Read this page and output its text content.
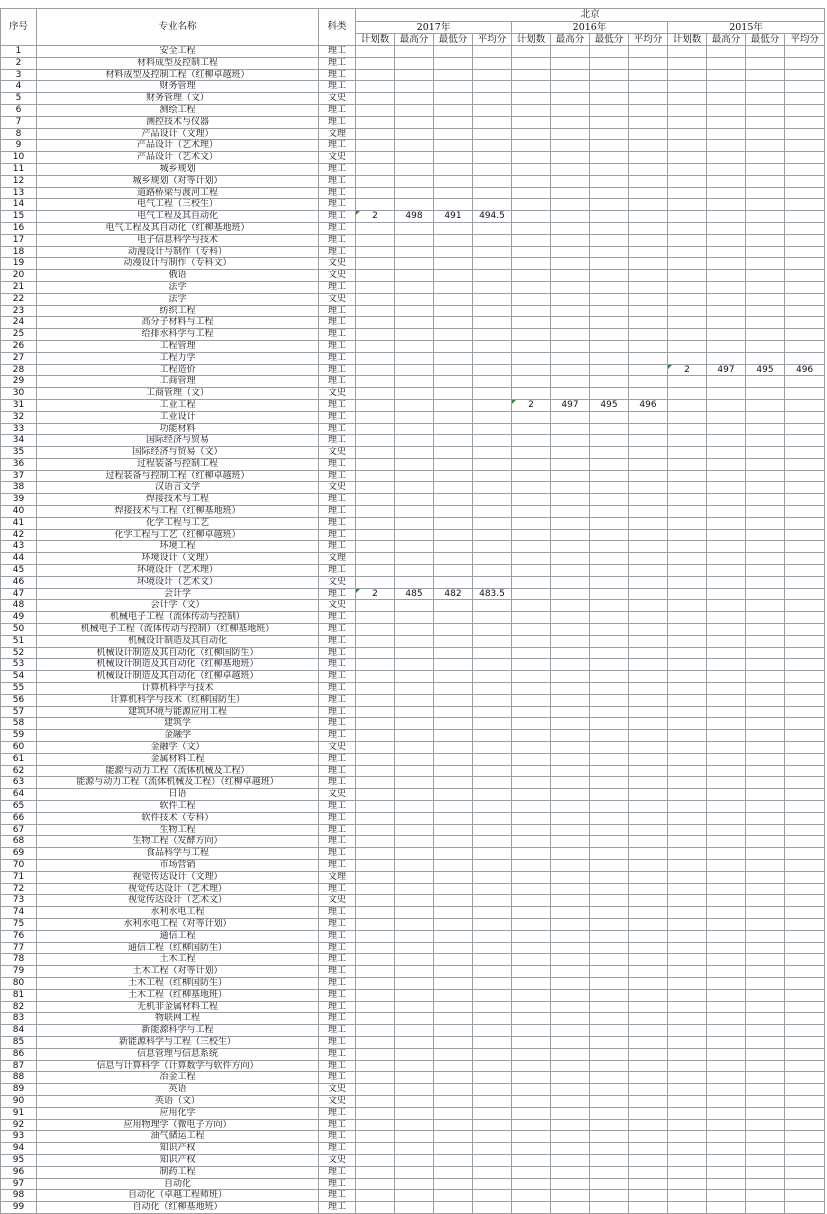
序号	专业名称	科类	北京											
			2017年				2016年				2015年			
			计划数	最高分	最低分	平均分	计划数	最高分	最低分	平均分	计划数	最高分	最低分	平均分
1	安全工程	理工												
2	材料成型及控制工程	理工												
3	材料成型及控制工程（红柳卓越班）	理工												
4	财务管理	理工												
5	财务管理（文）	文史												
6	测绘工程	理工												
7	测控技术与仪器	理工												
8	产品设计（文理）	文理												
9	产品设计（艺术理）	理工												
10	产品设计（艺术文）	文史												
11	城乡规划	理工												
12	城乡规划（对等计划）	理工												
13	道路桥梁与渡河工程	理工												
14	电气工程（三校生）	理工												
15	电气工程及其自动化	理工	2	498	491	494.5								
16	电气工程及其自动化（红柳基地班）	理工												
17	电子信息科学与技术	理工												
18	动漫设计与制作（专科）	理工												
19	动漫设计与制作（专科文）	文史												
20	俄语	文史												
21	法学	理工												
22	法学	文史												
23	纺织工程	理工												
24	高分子材料与工程	理工												
25	给排水科学与工程	理工												
26	工程管理	理工												
27	工程力学	理工												
28	工程造价	理工									2	497	495	496
29	工商管理	理工												
30	工商管理（文）	文史												
31	工业工程	理工					2	497	495	496				
32	工业设计	理工												
33	功能材料	理工												
34	国际经济与贸易	理工												
35	国际经济与贸易（文）	文史												
36	过程装备与控制工程	理工												
37	过程装备与控制工程（红柳卓越班）	理工												
38	汉语言文学	文史												
39	焊接技术与工程	理工												
40	焊接技术与工程（红柳基地班）	理工												
41	化学工程与工艺	理工												
42	化学工程与工艺（红柳卓越班）	理工												
43	环境工程	理工												
44	环境设计（文理）	文理												
45	环境设计（艺术理）	理工												
46	环境设计（艺术文）	文史												
47	会计学	理工	2	485	482	483.5								
48	会计学（文）	文史												
49	机械电子工程（流体传动与控制）	理工												
50	机械电子工程（流体传动与控制）（红柳基地班）	理工												
51	机械设计制造及其自动化	理工												
52	机械设计制造及其自动化（红柳国防生）	理工												
53	机械设计制造及其自动化（红柳基地班）	理工												
54	机械设计制造及其自动化（红柳卓越班）	理工												
55	计算机科学与技术	理工												
56	计算机科学与技术（红柳国防生）	理工												
57	建筑环境与能源应用工程	理工												
58	建筑学	理工												
59	金融学	理工												
60	金融学（文）	文史												
61	金属材料工程	理工												
62	能源与动力工程（流体机械及工程）	理工												
63	能源与动力工程（流体机械及工程）（红柳卓越班）	理工												
64	日语	文史												
65	软件工程	理工												
66	软件技术（专科）	理工												
67	生物工程	理工												
68	生物工程（发酵方向）	理工												
69	食品科学与工程	理工												
70	市场营销	理工												
71	视觉传达设计（文理）	文理												
72	视觉传达设计（艺术理）	理工												
73	视觉传达设计（艺术文）	文史												
74	水利水电工程	理工												
75	水利水电工程（对等计划）	理工												
76	通信工程	理工												
77	通信工程（红柳国防生）	理工												
78	土木工程	理工												
79	土木工程（对等计划）	理工												
80	土木工程（红柳国防生）	理工												
81	土木工程（红柳基地班）	理工												
82	无机非金属材料工程	理工												
83	物联网工程	理工												
84	新能源科学与工程	理工												
85	新能源科学与工程（三校生）	理工												
86	信息管理与信息系统	理工												
87	信息与计算科学（计算数学与软件方向）	理工												
88	冶金工程	理工												
89	英语	文史												
90	英语（文）	文史												
91	应用化学	理工												
92	应用物理学（微电子方向）	理工												
93	油气储运工程	理工												
94	知识产权	理工												
95	知识产权	文史												
96	制药工程	理工												
97	自动化	理工												
98	自动化（卓越工程师班）	理工												
99	自动化（红柳基地班）	理工												
